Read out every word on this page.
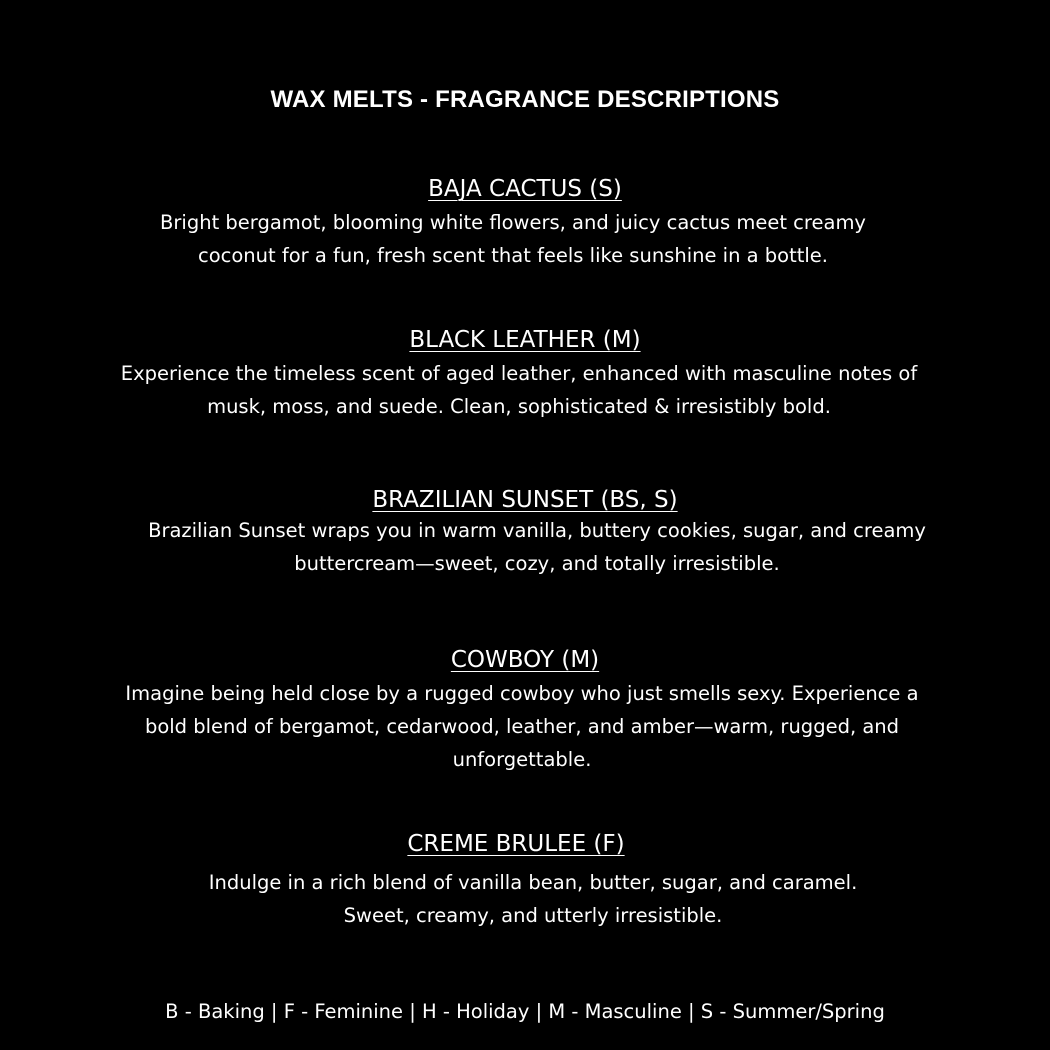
WAX MELTS - FRAGRANCE DESCRIPTIONS
BAJA CACTUS (S)
Bright bergamot, blooming white flowers, and juicy cactus meet creamy
coconut for a fun, fresh scent that feels like sunshine in a bottle.
BLACK LEATHER (M)
Experience the timeless scent of aged leather, enhanced with masculine notes of
musk, moss, and suede. Clean, sophisticated & irresistibly bold.
BRAZILIAN SUNSET (BS, S)
Brazilian Sunset wraps you in warm vanilla, buttery cookies, sugar, and creamy
buttercream—sweet, cozy, and totally irresistible.
COWBOY (M)
Imagine being held close by a rugged cowboy who just smells sexy. Experience a
bold blend of bergamot, cedarwood, leather, and amber—warm, rugged, and
unforgettable.
CREME BRULEE (F)
Indulge in a rich blend of vanilla bean, butter, sugar, and caramel.
Sweet, creamy, and utterly irresistible.
B - Baking | F - Feminine | H - Holiday | M - Masculine | S - Summer/Spring
